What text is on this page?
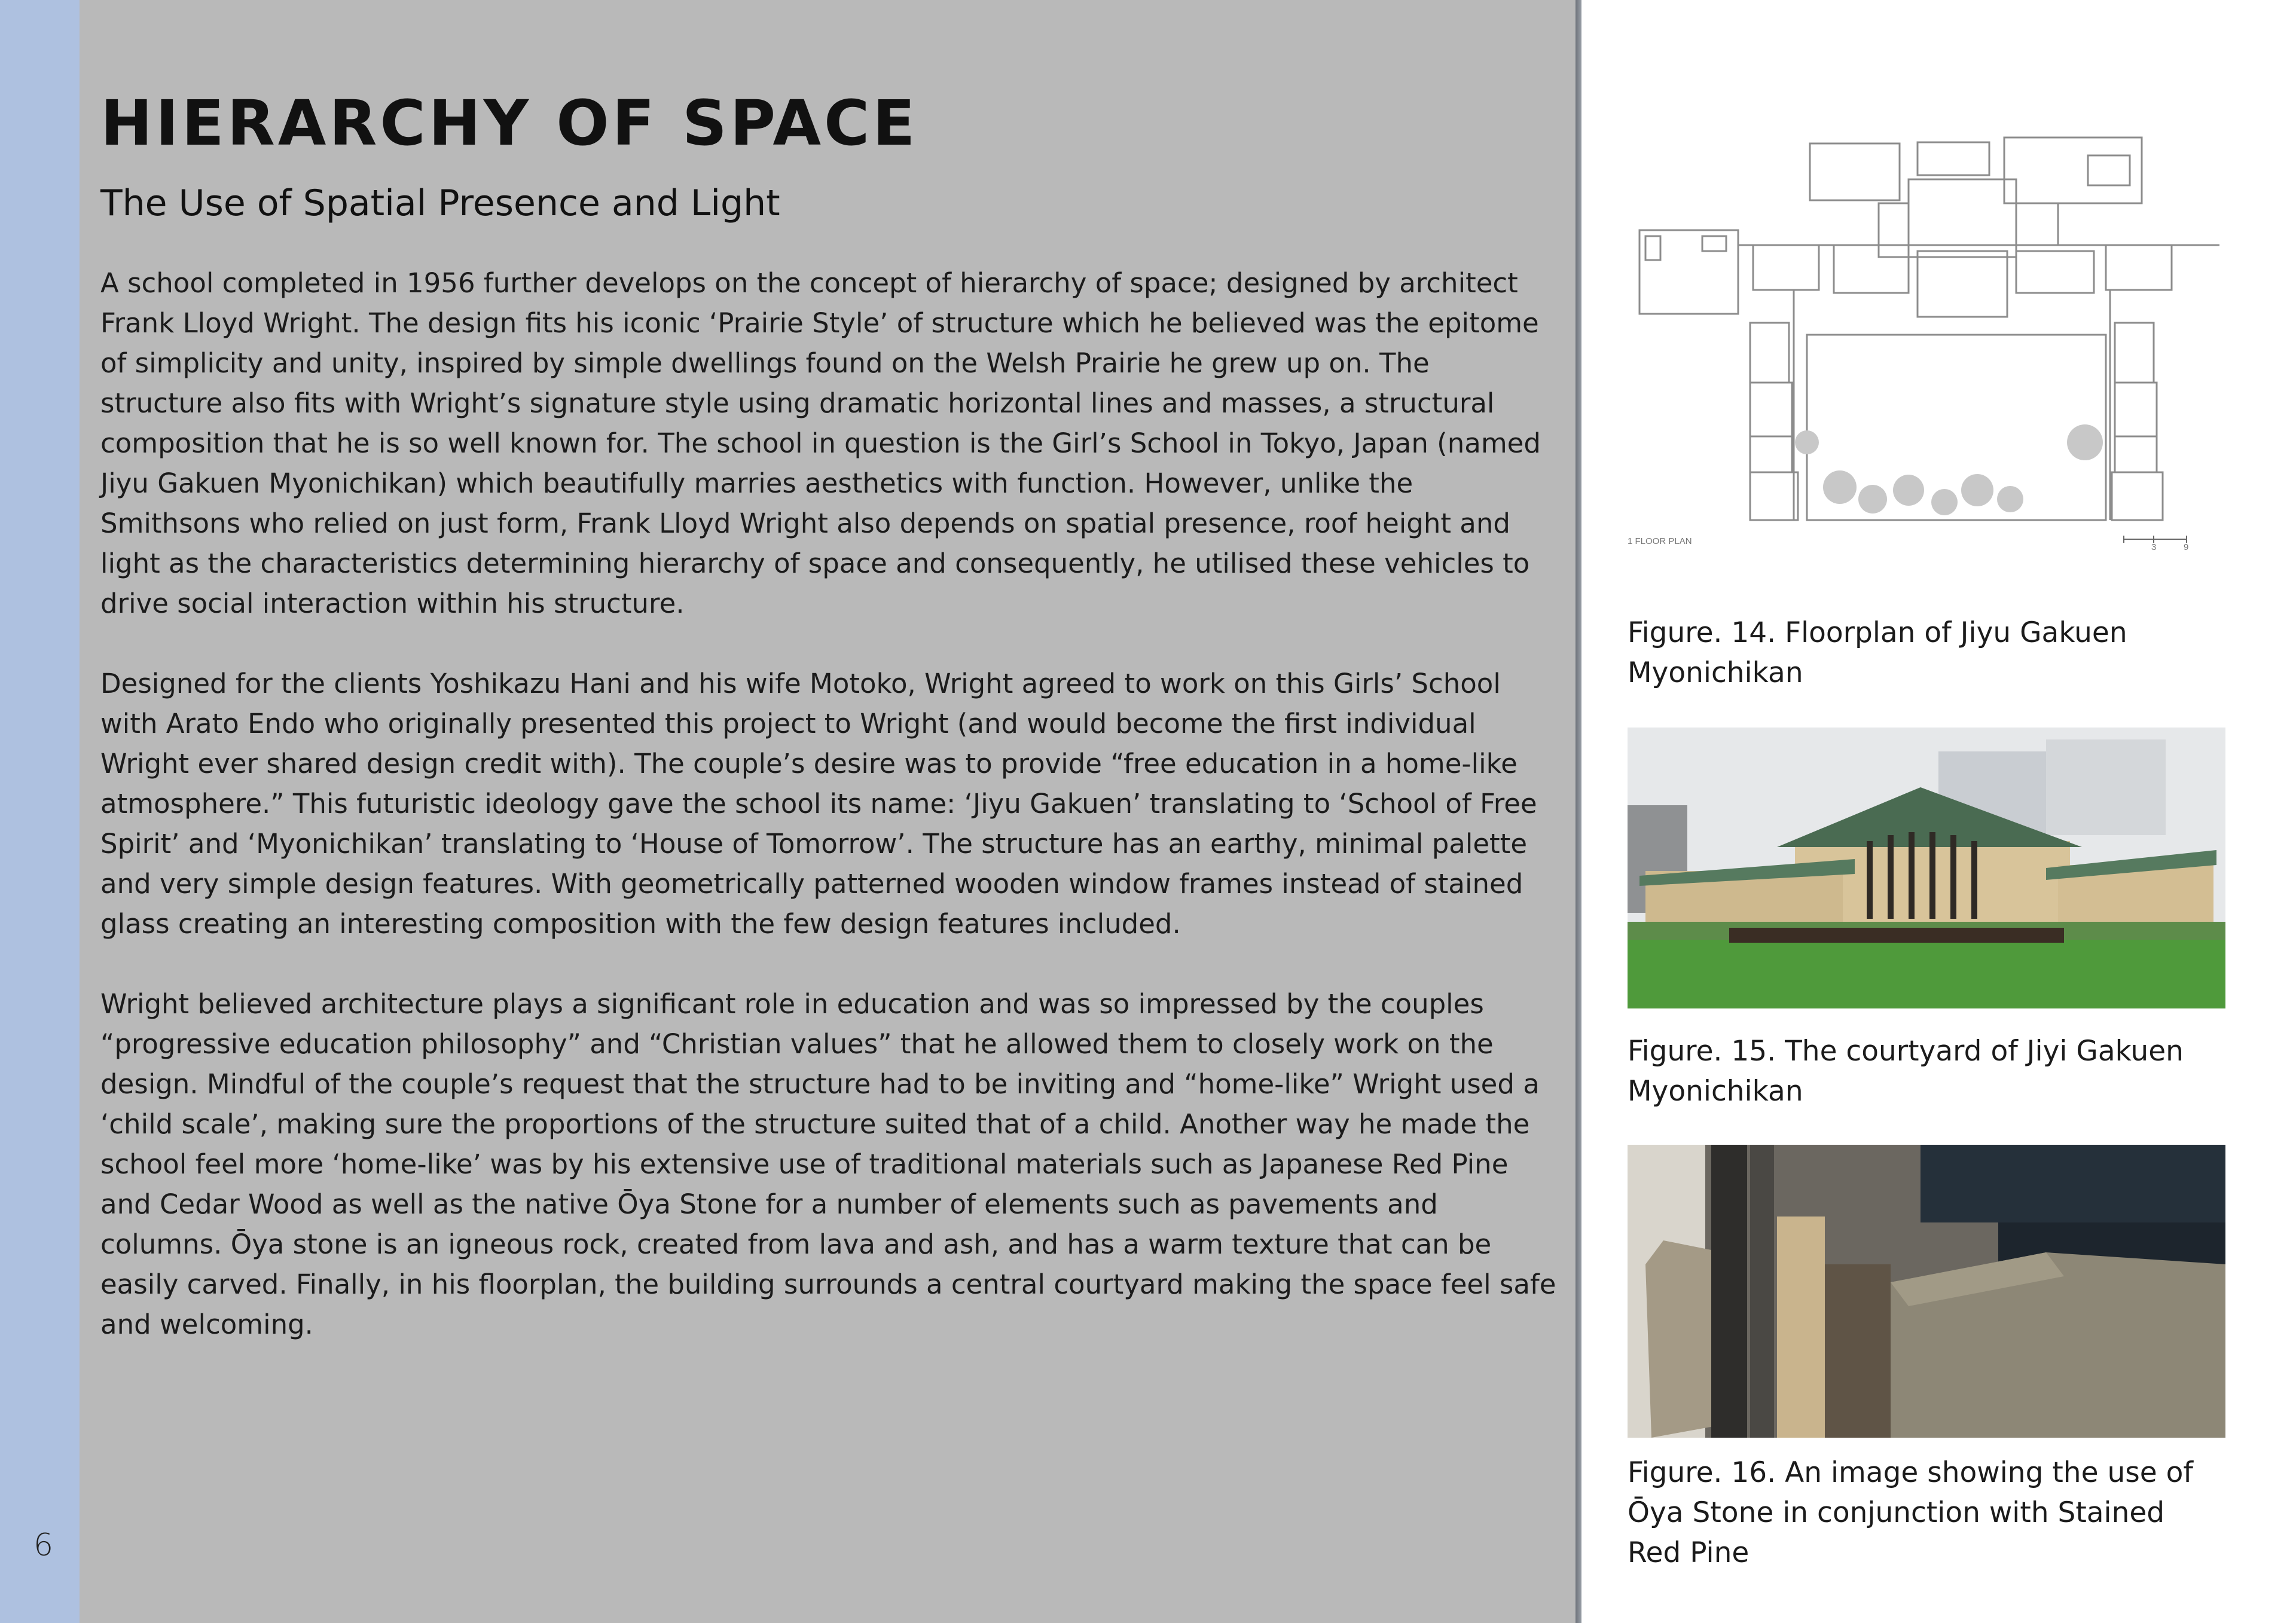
6
HIERARCHY OF SPACE
The Use of Spatial Presence and Light

A school completed in 1956 further develops on the concept of hierarchy of space; designed by architect Frank Lloyd Wright. The design fits his iconic ‘Prairie Style’ of structure which he believed was the epitome of simplicity and unity, inspired by simple dwellings found on the Welsh Prairie he grew up on. The structure also fits with Wright’s signature style using dramatic horizontal lines and masses, a structural composition that he is so well known for. The school in question is the Girl’s School in Tokyo, Japan (named Jiyu Gakuen Myonichikan) which beautifully marries aesthetics with function. However, unlike the Smithsons who relied on just form, Frank Lloyd Wright also depends on spatial presence, roof height and light as the characteristics determining hierarchy of space and consequently, he utilised these vehicles to drive social interaction within his structure.

Designed for the clients Yoshikazu Hani and his wife Motoko, Wright agreed to work on this Girls’ School with Arato Endo who originally presented this project to Wright (and would become the first individual Wright ever shared design credit with). The couple’s desire was to provide “free education in a home-like atmosphere.” This futuristic ideology gave the school its name: ‘Jiyu Gakuen’ translating to ‘School of Free Spirit’ and ‘Myonichikan’ translating to ‘House of Tomorrow’. The structure has an earthy, minimal palette and very simple design features. With geometrically patterned wooden window frames instead of stained glass creating an interesting composition with the few design features included.

Wright believed architecture plays a significant role in education and was so impressed by the couples “progressive education philosophy” and “Christian values” that he allowed them to closely work on the design. Mindful of the couple’s request that the structure had to be inviting and “home-like” Wright used a ‘child scale’, making sure the proportions of the structure suited that of a child. Another way he made the school feel more ‘home-like’ was by his extensive use of traditional materials such as Japanese Red Pine and Cedar Wood as well as the native Ōya Stone for a number of elements such as pavements and columns. Ōya stone is an igneous rock, created from lava and ash, and has a warm texture that can be easily carved. Finally, in his floorplan, the building surrounds a central courtyard making the space feel safe and welcoming.

1 FLOOR PLAN
3	9
Figure. 14. Floorplan of Jiyu Gakuen Myonichikan
Figure. 15. The courtyard of Jiyi Gakuen Myonichikan
Figure. 16. An image showing the use of Ōya Stone in conjunction with Stained Red Pine
